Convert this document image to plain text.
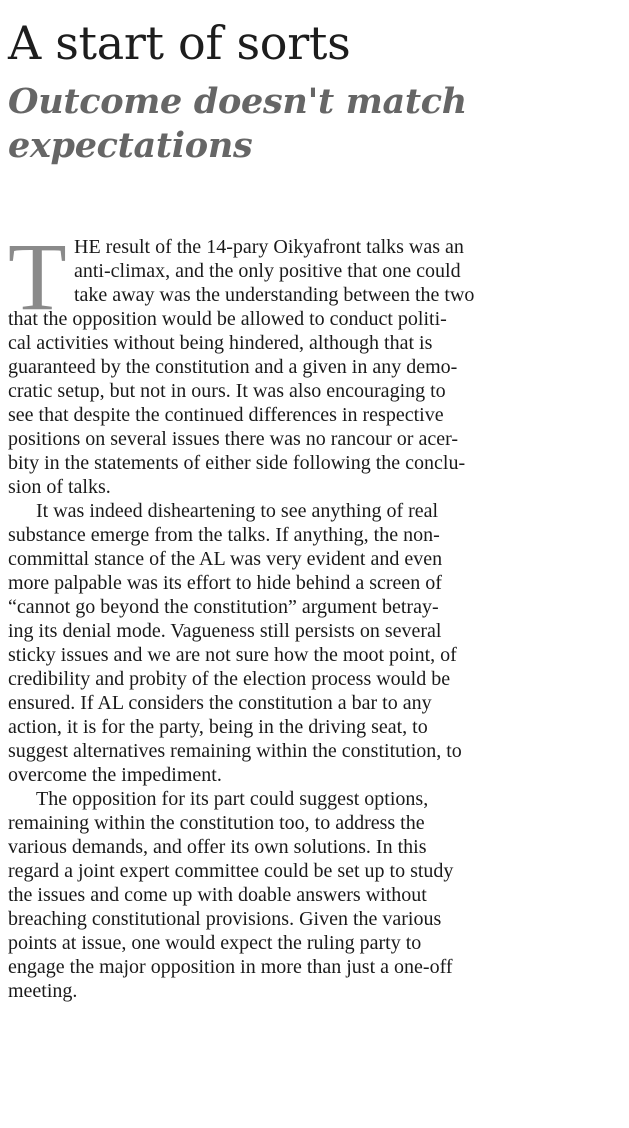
A start of sorts
Outcome doesn't match
expectations
T HE result of the 14-pary Oikyafront talks was an
anti-climax, and the only positive that one could
take away was the understanding between the two
that the opposition would be allowed to conduct politi-
cal activities without being hindered, although that is
guaranteed by the constitution and a given in any demo-
cratic setup, but not in ours. It was also encouraging to
see that despite the continued differences in respective
positions on several issues there was no rancour or acer-
bity in the statements of either side following the conclu-
sion of talks.
It was indeed disheartening to see anything of real
substance emerge from the talks. If anything, the non-
committal stance of the AL was very evident and even
more palpable was its effort to hide behind a screen of
“cannot go beyond the constitution” argument betray-
ing its denial mode. Vagueness still persists on several
sticky issues and we are not sure how the moot point, of
credibility and probity of the election process would be
ensured. If AL considers the constitution a bar to any
action, it is for the party, being in the driving seat, to
suggest alternatives remaining within the constitution, to
overcome the impediment.
The opposition for its part could suggest options,
remaining within the constitution too, to address the
various demands, and offer its own solutions. In this
regard a joint expert committee could be set up to study
the issues and come up with doable answers without
breaching constitutional provisions. Given the various
points at issue, one would expect the ruling party to
engage the major opposition in more than just a one-off
meeting.
